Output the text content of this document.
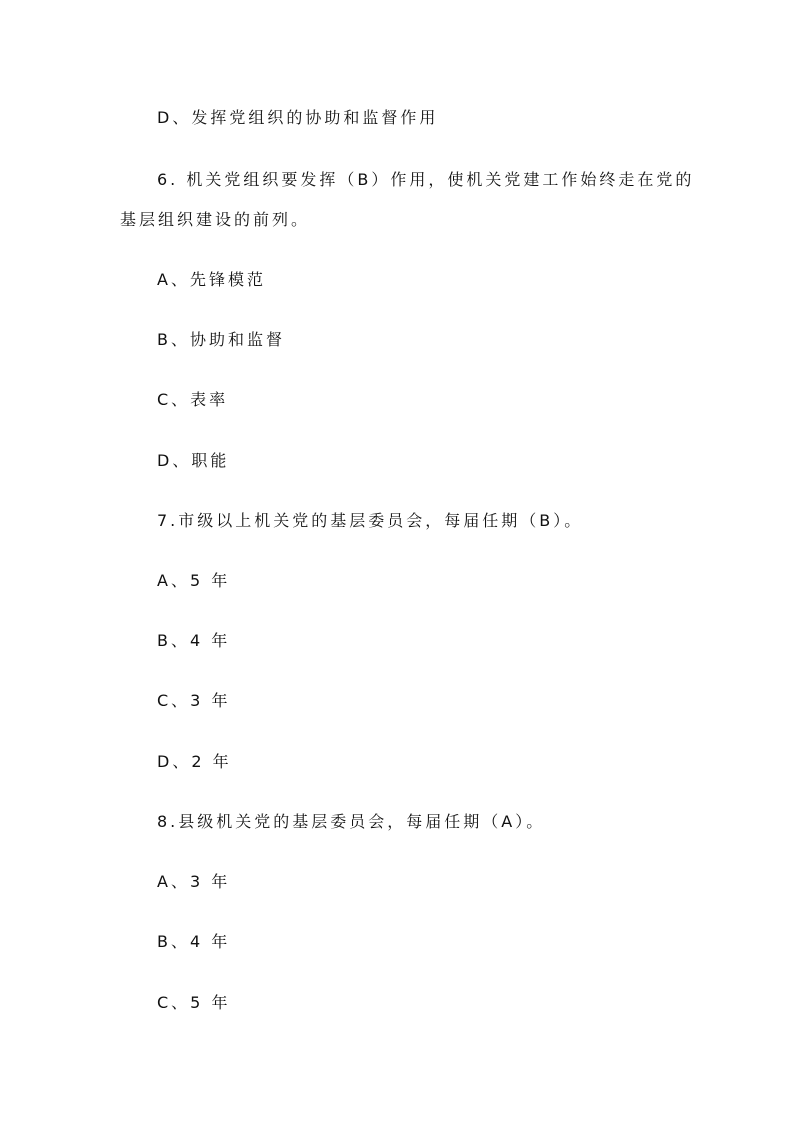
D、发挥党组织的协助和监督作用
6. 机关党组织要发挥（B）作用，使机关党建工作始终走在党的
基层组织建设的前列。
A、先锋模范
B、协助和监督
C、表率
D、职能
7.市级以上机关党的基层委员会，每届任期（B）。
A、5 年
B、4 年
C、3 年
D、2 年
8.县级机关党的基层委员会，每届任期（A）。
A、3 年
B、4 年
C、5 年
